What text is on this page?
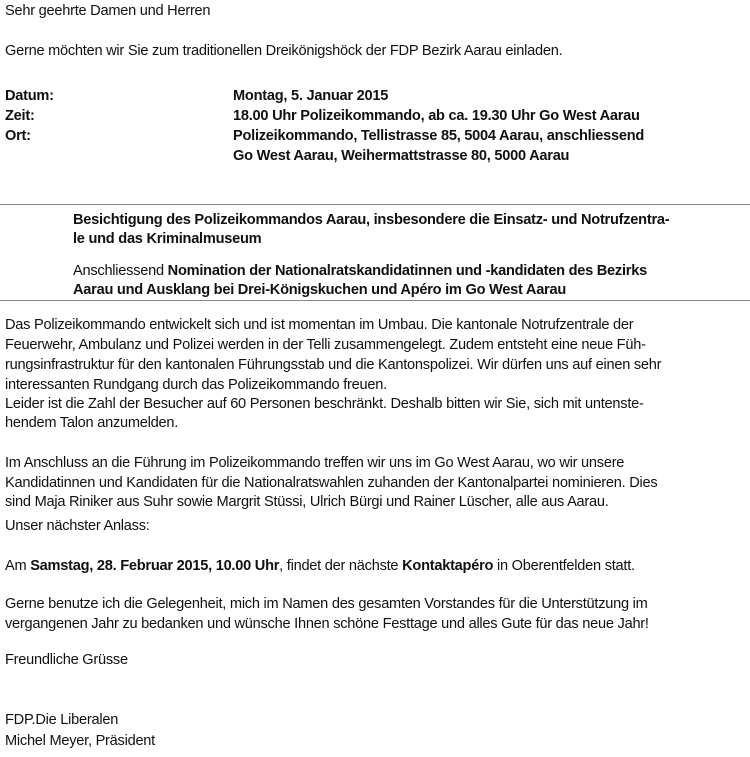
Sehr geehrte Damen und Herren
Gerne möchten wir Sie zum traditionellen Dreikönigshöck der FDP Bezirk Aarau einladen.
Datum:	Montag, 5. Januar 2015
Zeit:	18.00 Uhr Polizeikommando, ab ca. 19.30 Uhr Go West Aarau
Ort:	Polizeikommando, Tellistrasse 85, 5004 Aarau, anschliessend
Go West Aarau, Weihermattstrasse 80, 5000 Aarau
Besichtigung des Polizeikommandos Aarau, insbesondere die Einsatz- und Notrufzentra-
le und das Kriminalmuseum
Anschliessend Nomination der Nationalratskandidatinnen und -kandidaten des Bezirks
Aarau und Ausklang bei Drei-Königskuchen und Apéro im Go West Aarau
Das Polizeikommando entwickelt sich und ist momentan im Umbau. Die kantonale Notrufzentrale der
Feuerwehr, Ambulanz und Polizei werden in der Telli zusammengelegt. Zudem entsteht eine neue Füh-
rungsinfrastruktur für den kantonalen Führungsstab und die Kantonspolizei. Wir dürfen uns auf einen sehr
interessanten Rundgang durch das Polizeikommando freuen.
Leider ist die Zahl der Besucher auf 60 Personen beschränkt. Deshalb bitten wir Sie, sich mit untenste-
hendem Talon anzumelden.
Im Anschluss an die Führung im Polizeikommando treffen wir uns im Go West Aarau, wo wir unsere
Kandidatinnen und Kandidaten für die Nationalratswahlen zuhanden der Kantonalpartei nominieren. Dies
sind Maja Riniker aus Suhr sowie Margrit Stüssi, Ulrich Bürgi und Rainer Lüscher, alle aus Aarau.
Unser nächster Anlass:
Am Samstag, 28. Februar 2015, 10.00 Uhr, findet der nächste Kontaktapéro in Oberentfelden statt.
Gerne benutze ich die Gelegenheit, mich im Namen des gesamten Vorstandes für die Unterstützung im
vergangenen Jahr zu bedanken und wünsche Ihnen schöne Festtage und alles Gute für das neue Jahr!
Freundliche Grüsse
FDP.Die Liberalen
Michel Meyer, Präsident
